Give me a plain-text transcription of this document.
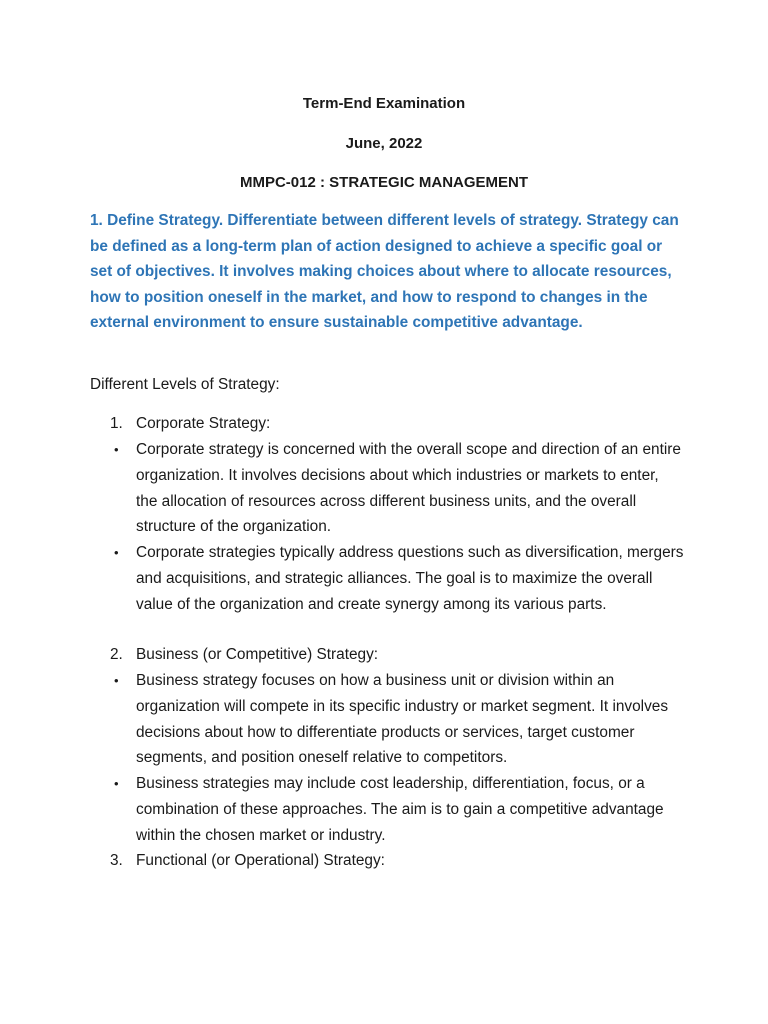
Term-End Examination
June, 2022
MMPC-012 : STRATEGIC MANAGEMENT

1. Define Strategy. Differentiate between different levels of strategy. Strategy can be defined as a long-term plan of action designed to achieve a specific goal or set of objectives. It involves making choices about where to allocate resources, how to position oneself in the market, and how to respond to changes in the external environment to ensure sustainable competitive advantage.

Different Levels of Strategy:

1. Corporate Strategy:
•	Corporate strategy is concerned with the overall scope and direction of an entire organization. It involves decisions about which industries or markets to enter, the allocation of resources across different business units, and the overall structure of the organization.
•	Corporate strategies typically address questions such as diversification, mergers and acquisitions, and strategic alliances. The goal is to maximize the overall value of the organization and create synergy among its various parts.
2. Business (or Competitive) Strategy:
•	Business strategy focuses on how a business unit or division within an organization will compete in its specific industry or market segment. It involves decisions about how to differentiate products or services, target customer segments, and position oneself relative to competitors.
•	Business strategies may include cost leadership, differentiation, focus, or a combination of these approaches. The aim is to gain a competitive advantage within the chosen market or industry.
3. Functional (or Operational) Strategy:
